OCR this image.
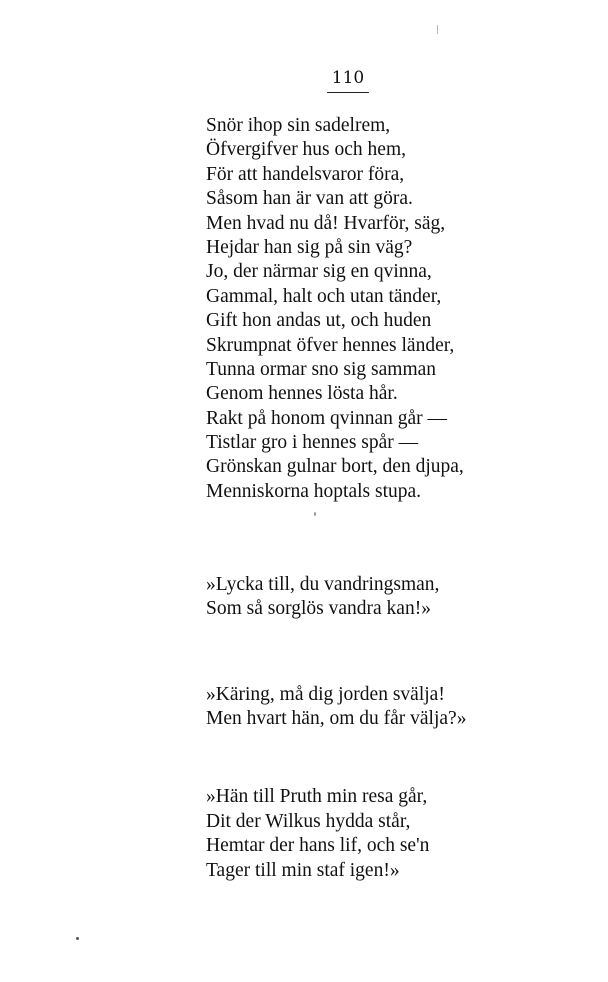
110
Snör ihop sin sadelrem,
Öfvergifver hus och hem,
För att handelsvaror föra,
Såsom han är van att göra.
Men hvad nu då! Hvarför, säg,
Hejdar han sig på sin väg?
Jo, der närmar sig en qvinna,
Gammal, halt och utan tänder,
Gift hon andas ut, och huden
Skrumpnat öfver hennes länder,
Tunna ormar sno sig samman
Genom hennes lösta hår.
Rakt på honom qvinnan går —
Tistlar gro i hennes spår —
Grönskan gulnar bort, den djupa,
Menniskorna hoptals stupa.
»Lycka till, du vandringsman,
Som så sorglös vandra kan!»
»Käring, må dig jorden svälja!
Men hvart hän, om du får välja?»
»Hän till Pruth min resa går,
Dit der Wilkus hydda står,
Hemtar der hans lif, och se'n
Tager till min staf igen!»
